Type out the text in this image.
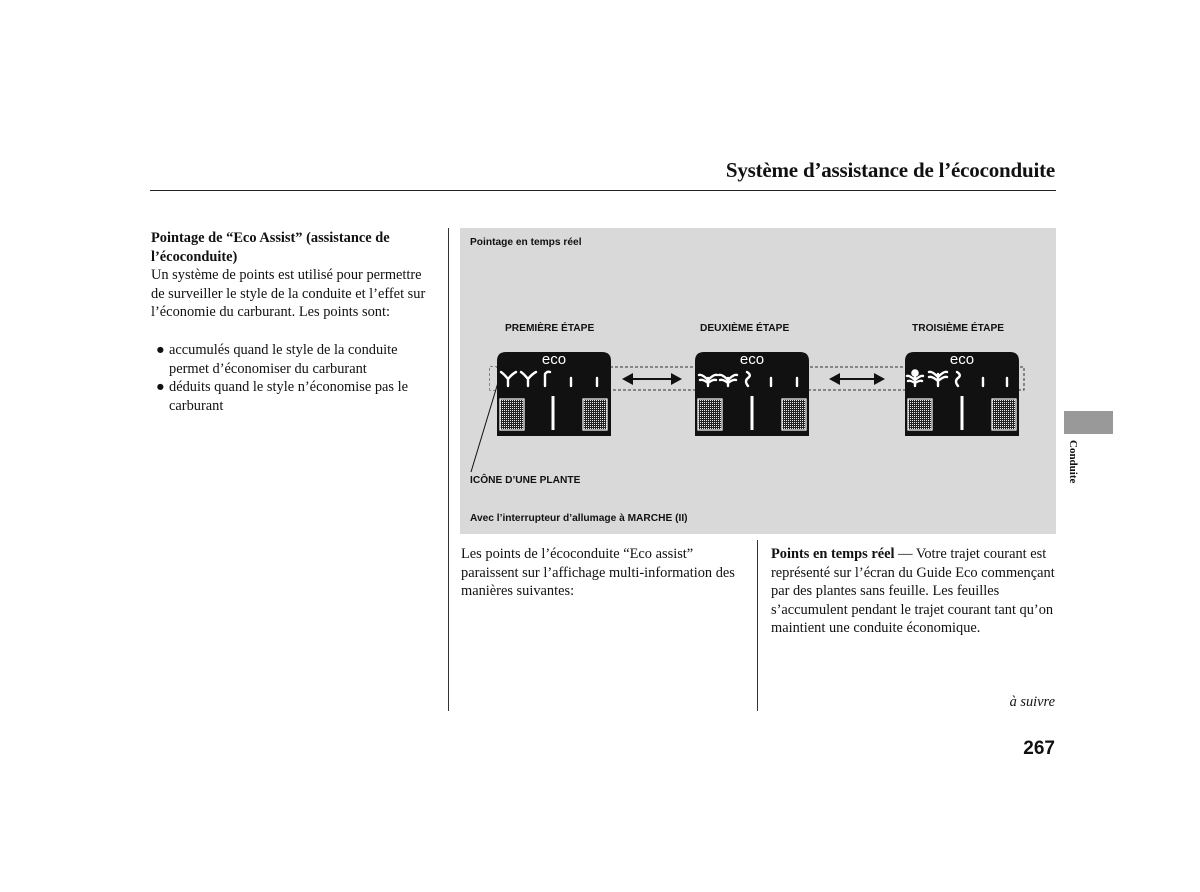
Système d’assistance de l’écoconduite

Pointage de “Eco Assist” (assistance de l’écoconduite)

Un système de points est utilisé pour permettre de surveiller le style de la conduite et l’effet sur l’économie du carburant. Les points sont:

● accumulés quand le style de la conduite permet d’économiser du carburant
● déduits quand le style n’économise pas le carburant
Pointage en temps réel
PREMIÈRE ÉTAPE	DEUXIÈME ÉTAPE	TROISIÈME ÉTAPE
eco	eco	eco
ICÔNE D’UNE PLANTE
Avec l’interrupteur d’allumage à MARCHE (II)

Les points de l’écoconduite “Eco assist” paraissent sur l’affichage multi-information des manières suivantes:

Points en temps réel — Votre trajet courant est représenté sur l’écran du Guide Eco commençant par des plantes sans feuille. Les feuilles s’accumulent pendant le trajet courant tant qu’on maintient une conduite économique.

à suivre
267
Conduite
